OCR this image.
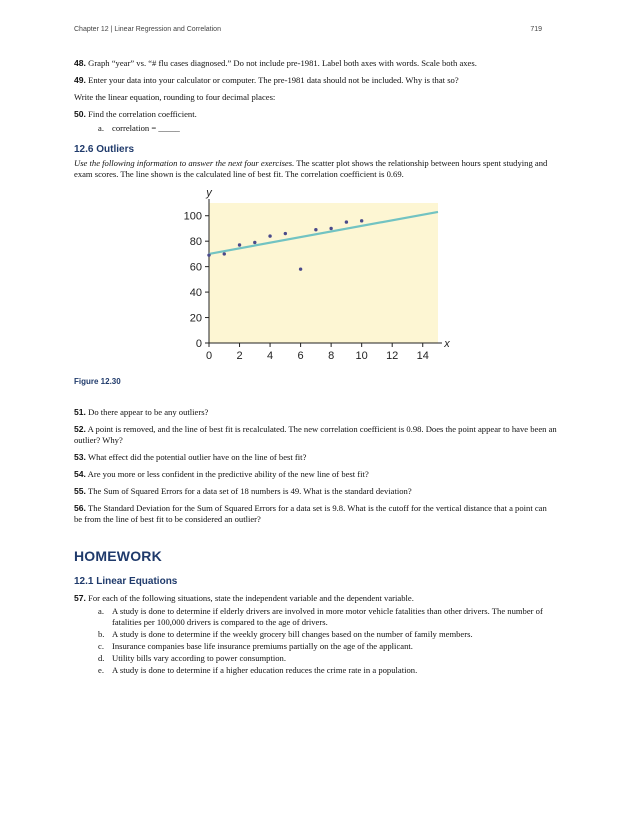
Chapter 12 | Linear Regression and Correlation	719

48. Graph “year” vs. “# flu cases diagnosed.” Do not include pre-1981. Label both axes with words. Scale both axes.

49. Enter your data into your calculator or computer. The pre-1981 data should not be included. Why is that so?

Write the linear equation, rounding to four decimal places:

50. Find the correlation coefficient.

a. correlation = _____
12.6 Outliers

Use the following information to answer the next four exercises. The scatter plot shows the relationship between hours spent studying and exam scores. The line shown is the calculated line of best fit. The correlation coefficient is 0.69.

0
20
40
60
80
100
0 2 4 6 8 10 12 14
y
x
Figure 12.30

51. Do there appear to be any outliers?

52. A point is removed, and the line of best fit is recalculated. The new correlation coefficient is 0.98. Does the point appear to have been an outlier? Why?

53. What effect did the potential outlier have on the line of best fit?

54. Are you more or less confident in the predictive ability of the new line of best fit?

55. The Sum of Squared Errors for a data set of 18 numbers is 49. What is the standard deviation?

56. The Standard Deviation for the Sum of Squared Errors for a data set is 9.8. What is the cutoff for the vertical distance that a point can be from the line of best fit to be considered an outlier?

HOMEWORK
12.1 Linear Equations

57. For each of the following situations, state the independent variable and the dependent variable.

a. A study is done to determine if elderly drivers are involved in more motor vehicle fatalities than other drivers. The number of fatalities per 100,000 drivers is compared to the age of drivers.
b. A study is done to determine if the weekly grocery bill changes based on the number of family members.
c. Insurance companies base life insurance premiums partially on the age of the applicant.
d. Utility bills vary according to power consumption.
e. A study is done to determine if a higher education reduces the crime rate in a population.
